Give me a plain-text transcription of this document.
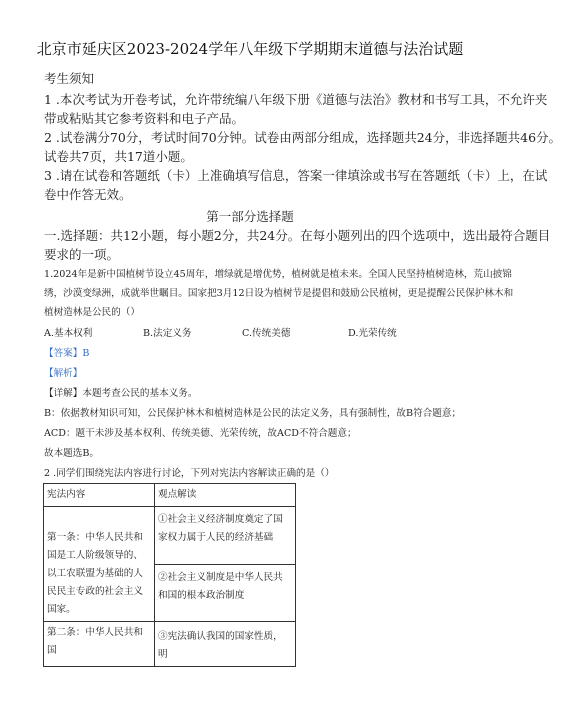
北京市延庆区2023-2024学年八年级下学期期末道德与法治试题
考生须知
1 .本次考试为开卷考试，允许带统编八年级下册《道德与法治》教材和书写工具，不允许夹
带或粘贴其它参考资料和电子产品。
2 .试卷满分70分，考试时间70分钟。试卷由两部分组成，选择题共24分，非选择题共46分。
试卷共7页，共17道小题。
3 .请在试卷和答题纸（卡）上准确填写信息，答案一律填涂或书写在答题纸（卡）上，在试
卷中作答无效。
第一部分选择题
一.选择题：共12小题，每小题2分，共24分。在每小题列出的四个选项中，选出最符合题目
要求的一项。
1.2024年是新中国植树节设立45周年，增绿就是增优势，植树就是植未来。全国人民坚持植树造林，荒山披锦
绣，沙漠变绿洲，成就举世瞩目。国家把3月12日设为植树节是提倡和鼓励公民植树，更是提醒公民保护林木和
植树造林是公民的（）
A.基本权利	B.法定义务	C.传统美德	D.光荣传统
【答案】B
【解析】
【详解】本题考查公民的基本义务。
B：依据教材知识可知，公民保护林木和植树造林是公民的法定义务，具有强制性，故B符合题意；
ACD：题干未涉及基本权利、传统美德、光荣传统，故ACD不符合题意；
故本题选B。
2 .同学们围绕宪法内容进行讨论，下列对宪法内容解读正确的是（）
宪法内容	观点解读
第一条：中华人民共和国是工人阶级领导的、以工农联盟为基础的人民民主专政的社会主义国家。	①社会主义经济制度奠定了国家权力属于人民的经济基础
	②社会主义制度是中华人民共和国的根本政治制度
第二条：中华人民共和国	③宪法确认我国的国家性质，明
